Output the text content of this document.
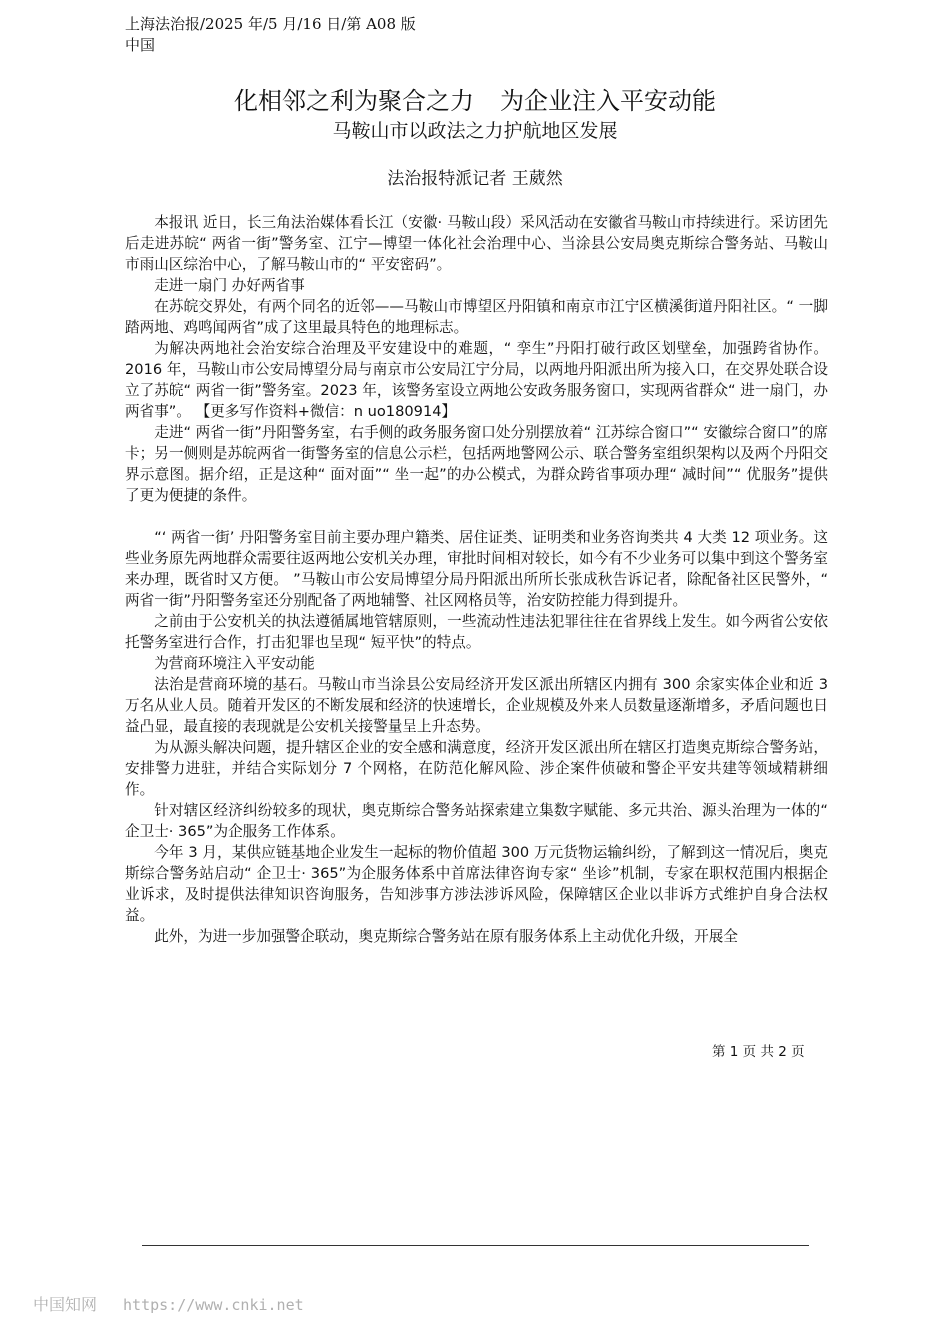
上海法治报/2025 年/5 月/16 日/第 A08 版中国
化相邻之利为聚合之力 为企业注入平安动能
马鞍山市以政法之力护航地区发展
法治报特派记者 王葳然

本报讯 近日，长三角法治媒体看长江（安徽· 马鞍山段）采风活动在安徽省马鞍山市持续进行。采访团先后走进苏皖“ 两省一街”警务室、江宁—博望一体化社会治理中心、当涂县公安局奥克斯综合警务站、马鞍山市雨山区综治中心，了解马鞍山市的“ 平安密码”。

走进一扇门 办好两省事

在苏皖交界处，有两个同名的近邻——马鞍山市博望区丹阳镇和南京市江宁区横溪街道丹阳社区。“ 一脚踏两地、鸡鸣闻两省”成了这里最具特色的地理标志。

为解决两地社会治安综合治理及平安建设中的难题，“ 孪生”丹阳打破行政区划壁垒，加强跨省协作。2016 年，马鞍山市公安局博望分局与南京市公安局江宁分局，以两地丹阳派出所为接入口，在交界处联合设立了苏皖“ 两省一街”警务室。2023 年，该警务室设立两地公安政务服务窗口，实现两省群众“ 进一扇门，办两省事”。 【更多写作资料+微信：n uo180914】

走进“ 两省一街”丹阳警务室，右手侧的政务服务窗口处分别摆放着“ 江苏综合窗口”“ 安徽综合窗口”的席卡；另一侧则是苏皖两省一街警务室的信息公示栏，包括两地警网公示、联合警务室组织架构以及两个丹阳交界示意图。据介绍，正是这种“ 面对面”“ 坐一起”的办公模式，为群众跨省事项办理“ 减时间”“ 优服务”提供了更为便捷的条件。

“‘ 两省一街’ 丹阳警务室目前主要办理户籍类、居住证类、证明类和业务咨询类共 4 大类 12 项业务。这些业务原先两地群众需要往返两地公安机关办理，审批时间相对较长，如今有不少业务可以集中到这个警务室来办理，既省时又方便。 ”马鞍山市公安局博望分局丹阳派出所所长张成秋告诉记者，除配备社区民警外，“ 两省一街”丹阳警务室还分别配备了两地辅警、社区网格员等，治安防控能力得到提升。

之前由于公安机关的执法遵循属地管辖原则，一些流动性违法犯罪往往在省界线上发生。如今两省公安依托警务室进行合作，打击犯罪也呈现“ 短平快”的特点。

为营商环境注入平安动能

法治是营商环境的基石。马鞍山市当涂县公安局经济开发区派出所辖区内拥有 300 余家实体企业和近 3 万名从业人员。随着开发区的不断发展和经济的快速增长，企业规模及外来人员数量逐渐增多，矛盾问题也日益凸显，最直接的表现就是公安机关接警量呈上升态势。

为从源头解决问题，提升辖区企业的安全感和满意度，经济开发区派出所在辖区打造奥克斯综合警务站，安排警力进驻，并结合实际划分 7 个网格，在防范化解风险、涉企案件侦破和警企平安共建等领域精耕细作。

针对辖区经济纠纷较多的现状，奥克斯综合警务站探索建立集数字赋能、多元共治、源头治理为一体的“ 企卫士· 365”为企服务工作体系。

今年 3 月，某供应链基地企业发生一起标的物价值超 300 万元货物运输纠纷，了解到这一情况后，奥克斯综合警务站启动“ 企卫士· 365”为企服务体系中首席法律咨询专家“ 坐诊”机制，专家在职权范围内根据企业诉求，及时提供法律知识咨询服务，告知涉事方涉法涉诉风险，保障辖区企业以非诉方式维护自身合法权益。

此外，为进一步加强警企联动，奥克斯综合警务站在原有服务体系上主动优化升级，开展全

第 1 页 共 2 页
中国知网 https://www.cnki.net
